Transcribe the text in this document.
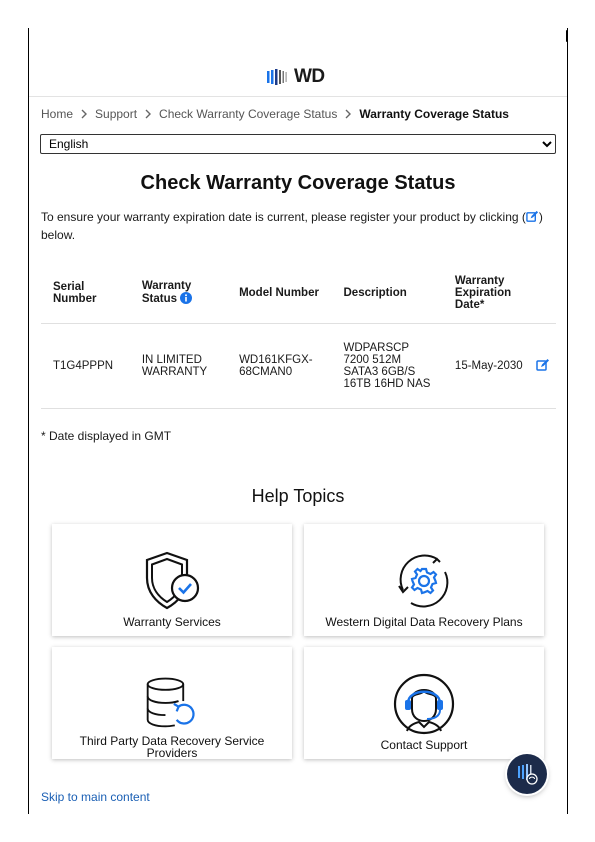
WD
Home Support Check Warranty Coverage Status Warranty Coverage Status
English
Check Warranty Coverage Status

To ensure your warranty expiration date is current, please register your product by clicking ( ) below.

Serial Number	Warranty Status	Model Number	Description	Warranty Expiration Date*	
T1G4PPPN	IN LIMITED WARRANTY	WD161KFGX-68CMAN0	WDPARSCP 7200 512M SATA3 6GB/S 16TB 16HD NAS	15-May-2030	
* Date displayed in GMT
Help Topics
Warranty Services	Western Digital Data Recovery Plans
Third Party Data Recovery Service Providers
Contact Support
Skip to main content
